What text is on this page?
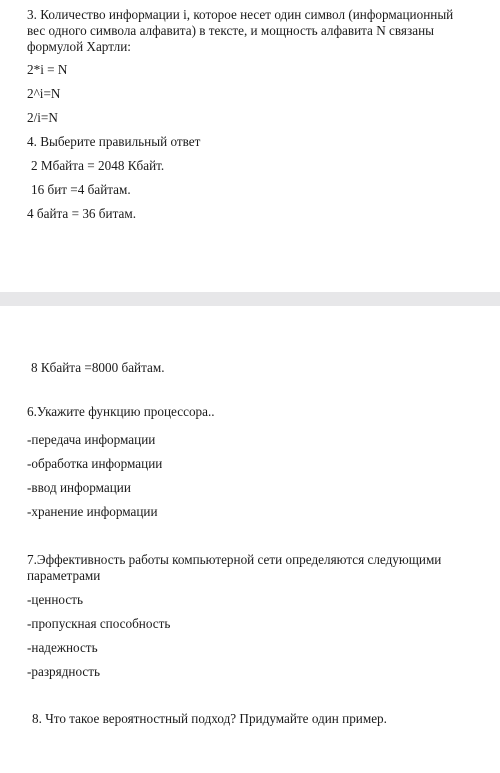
3. Количество информации i, которое несет один символ (информационный
вес одного символа алфавита) в тексте, и мощность алфавита N связаны
формулой Хартли:
2*i = N
2^i=N
2/i=N
4. Выберите правильный ответ
2 Мбайта = 2048 Кбайт.
16 бит =4 байтам.
4 байта = 36 битам.
8 Кбайта =8000 байтам.
6.Укажите функцию процессора..
-передача информации
-обработка информации
-ввод информации
-хранение информации
7.Эффективность работы компьютерной сети определяются следующими
параметрами
-ценность
-пропускная способность
-надежность
-разрядность
8. Что такое вероятностный подход? Придумайте один пример.
